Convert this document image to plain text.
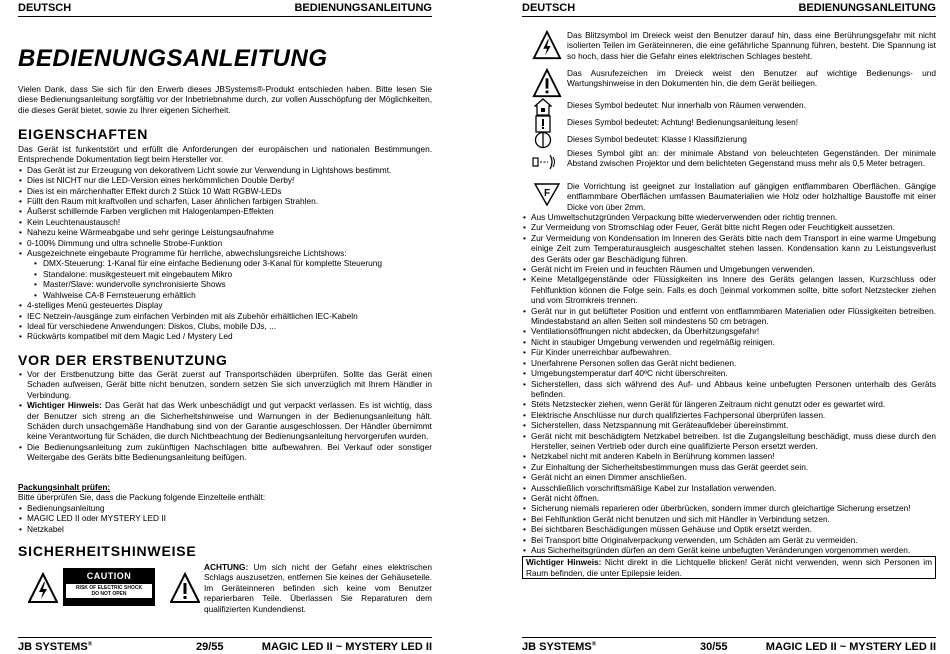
DEUTSCH	BEDIENUNGSANLEITUNG
BEDIENUNGSANLEITUNG

Vielen Dank, dass Sie sich für den Erwerb dieses JBSystems®-Produkt entschieden haben. Bitte lesen Sie diese Bedienungsanleitung sorgfältig vor der Inbetriebnahme durch, zur vollen Ausschöpfung der Möglichkeiten, die dieses Gerät bietet, sowie zu Ihrer eigenen Sicherheit.

EIGENSCHAFTEN

Das Gerät ist funkentstört und erfüllt die Anforderungen der europäischen und nationalen Bestimmungen. Entsprechende Dokumentation liegt beim Hersteller vor.

• Das Gerät ist zur Erzeugung von dekorativem Licht sowie zur Verwendung in Lightshows bestimmt.
• Dies ist NICHT nur die LED-Version eines herkömmlichen Double Derby!
• Dies ist ein märchenhafter Effekt durch 2 Stück 10 Watt RGBW-LEDs
• Füllt den Raum mit kraftvollen und scharfen, Laser ähnlichen farbigen Strahlen.
• Äußerst schillernde Farben verglichen mit Halogenlampen-Effekten
• Kein Leuchtenaustausch!
• Nahezu keine Wärmeabgabe und sehr geringe Leistungsaufnahme
• 0-100% Dimmung und ultra schnelle Strobe-Funktion
• Ausgezeichnete eingebaute Programme für herrliche, abwechslungsreiche Lichtshows:
• DMX-Steuerung: 1-Kanal für eine einfache Bedienung oder 3-Kanal für komplette Steuerung
• Standalone: musikgesteuert mit eingebautem Mikro
• Master/Slave: wundervolle synchronisierte Shows
• Wahlweise CA-8 Fernsteuerung erhältlich
• 4-stelliges Menü gesteuertes Display
• IEC Netzein-/ausgänge zum einfachen Verbinden mit als Zubehör erhältlichen IEC-Kabeln
• Ideal für verschiedene Anwendungen: Diskos, Clubs, mobile DJs, ...
• Rückwärts kompatibel mit dem Magic Led / Mystery Led
VOR DER ERSTBENUTZUNG
• Vor der Erstbenutzung bitte das Gerät zuerst auf Transportschäden überprüfen. Sollte das Gerät einen Schaden aufweisen, Gerät bitte nicht benutzen, sondern setzen Sie sich unverzüglich mit Ihrem Händler in Verbindung.
• Wichtiger Hinweis: Das Gerät hat das Werk unbeschädigt und gut verpackt verlassen. Es ist wichtig, dass der Benutzer sich streng an die Sicherheitshinweise und Warnungen in der Bedienungsanleitung hält. Schäden durch unsachgemäße Handhabung sind von der Garantie ausgeschlossen. Der Händler übernimmt keine Verantwortung für Schäden, die durch Nichtbeachtung der Bedienungsanleitung hervorgerufen wurden.
• Die Bedienungsanleitung zum zukünftigen Nachschlagen bitte aufbewahren. Bei Verkauf oder sonstiger Weitergabe des Geräts bitte Bedienungsanleitung beifügen.

Packungsinhalt prüfen:

Bitte überprüfen Sie, dass die Packung folgende Einzelteile enthält:

• Bedienungsanleitung
• MAGIC LED II oder MYSTERY LED II
• Netzkabel
SICHERHEITSHINWEISE
CAUTION
RISK OF ELECTRIC SHOCK
DO NOT OPEN

ACHTUNG: Um sich nicht der Gefahr eines elektrischen Schlags auszusetzen, entfernen Sie keines der Gehäuseteile. Im Geräteinneren befinden sich keine vom Benutzer reparierbaren Teile. Überlassen Sie Reparaturen dem qualifizierten Kundendienst.

JB SYSTEMS®	29/55	MAGIC LED II ~ MYSTERY LED II
DEUTSCH	BEDIENUNGSANLEITUNG
Das Blitzsymbol im Dreieck weist den Benutzer darauf hin, dass eine Berührungsgefahr mit nicht isolierten Teilen im Geräteinneren, die eine gefährliche Spannung führen, besteht. Die Spannung ist so hoch, dass hier die Gefahr eines elektrischen Schlages besteht.
Das Ausrufezeichen im Dreieck weist den Benutzer auf wichtige Bedienungs- und Wartungshinweise in den Dokumenten hin, die dem Gerät beiliegen.
Dieses Symbol bedeutet: Nur innerhalb von Räumen verwenden.
Dieses Symbol bedeutet: Achtung! Bedienungsanleitung lesen!
Dieses Symbol bedeutet: Klasse I Klassifizierung
Dieses Symbol gibt an: der minimale Abstand von beleuchteten Gegenständen. Der minimale Abstand zwischen Projektor und dem belichteten Gegenstand muss mehr als 0,5 Meter betragen.
F
Die Vorrichtung ist geeignet zur Installation auf gängigen entflammbaren Oberflächen. Gängige entflammbare Oberflächen umfassen Baumaterialien wie Holz oder holzhaltige Baustoffe mit einer Dicke von über 2mm.
• Aus Umweltschutzgründen Verpackung bitte wiederverwenden oder richtig trennen.
• Zur Vermeidung von Stromschlag oder Feuer, Gerät bitte nicht Regen oder Feuchtigkeit aussetzen.
• Zur Vermeidung von Kondensation im Inneren des Geräts bitte nach dem Transport in eine warme Umgebung einige Zeit zum Temperaturausgleich ausgeschaltet stehen lassen. Kondensation kann zu Leistungsverlust des Geräts oder gar Beschädigung führen.
• Gerät nicht im Freien und in feuchten Räumen und Umgebungen verwenden.
• Keine Metallgegenstände oder Flüssigkeiten ins Innere des Geräts gelangen lassen, Kurzschluss oder Fehlfunktion können die Folge sein. Falls es doch ▯einmal vorkommen sollte, bitte sofort Netzstecker ziehen und vom Stromkreis trennen.
• Gerät nur in gut belüfteter Position und entfernt von entflammbaren Materialien oder Flüssigkeiten betreiben. Mindestabstand an allen Seiten soll mindestens 50 cm betragen.
• Ventilationsöffnungen nicht abdecken, da Überhitzungsgefahr!
• Nicht in staubiger Umgebung verwenden und regelmäßig reinigen.
• Für Kinder unerreichbar aufbewahren.
• Unerfahrene Personen sollen das Gerät nicht bedienen.
• Umgebungstemperatur darf 40ºC nicht überschreiten.
• Sicherstellen, dass sich während des Auf- und Abbaus keine unbefugten Personen unterhalb des Geräts befinden.
• Stets Netzstecker ziehen, wenn Gerät für längeren Zeitraum nicht genutzt oder es gewartet wird.
• Elektrische Anschlüsse nur durch qualifiziertes Fachpersonal überprüfen lassen.
• Sicherstellen, dass Netzspannung mit Geräteaufkleber übereinstimmt.
• Gerät nicht mit beschädigtem Netzkabel betreiben. Ist die Zugangsleitung beschädigt, muss diese durch den Hersteller, seinen Vertrieb oder durch eine qualifizierte Person ersetzt werden.
• Netzkabel nicht mit anderen Kabeln in Berührung kommen lassen!
• Zur Einhaltung der Sicherheitsbestimmungen muss das Gerät geerdet sein.
• Gerät nicht an einen Dimmer anschließen.
• Ausschließlich vorschriftsmäßige Kabel zur Installation verwenden.
• Gerät nicht öffnen.
• Sicherung niemals reparieren oder überbrücken, sondern immer durch gleichartige Sicherung ersetzen!
• Bei Fehlfunktion Gerät nicht benutzen und sich mit Händler in Verbindung setzen.
• Bei sichtbaren Beschädigungen müssen Gehäuse und Optik ersetzt werden.
• Bei Transport bitte Originalverpackung verwenden, um Schäden am Gerät zu vermeiden.
• Aus Sicherheitsgründen dürfen an dem Gerät keine unbefugten Veränderungen vorgenommen werden.
Wichtiger Hinweis: Nicht direkt in die Lichtquelle blicken! Gerät nicht verwenden, wenn sich Personen im Raum befinden, die unter Epilepsie leiden.
JB SYSTEMS®	30/55	MAGIC LED II ~ MYSTERY LED II
